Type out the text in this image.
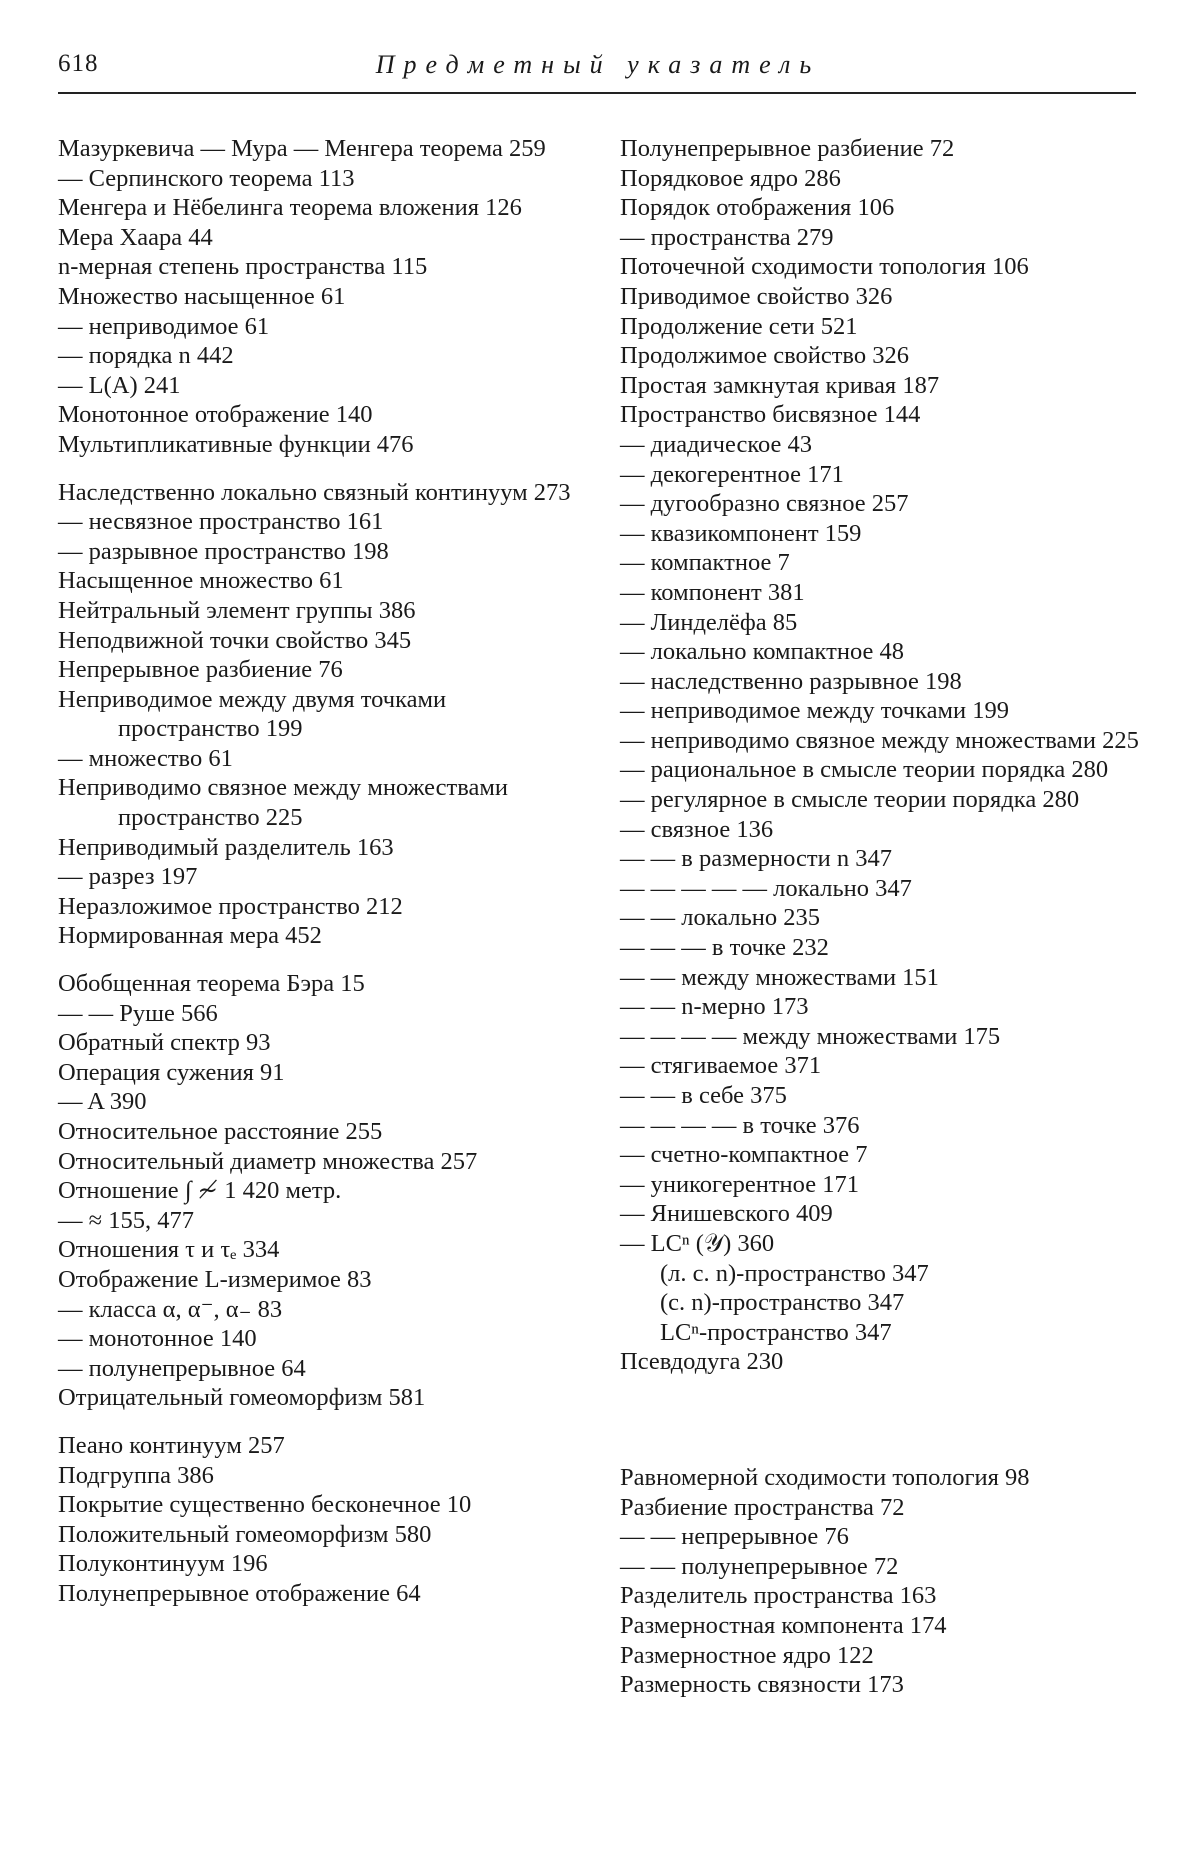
618	Предметный указатель
Мазуркевича — Мура — Менгера теорема 259
— Серпинского теорема 113
Менгера и Нёбелинга теорема вложения 126
Мера Хаара 44
n-мерная степень пространства 115
Множество насыщенное 61
— неприводимое 61
— порядка n 442
— L(A) 241
Монотонное отображение 140
Мультипликативные функции 476
Наследственно локально связный континуум 273
— несвязное пространство 161
— разрывное пространство 198
Насыщенное множество 61
Нейтральный элемент группы 386
Неподвижной точки свойство 345
Непрерывное разбиение 76
Неприводимое между двумя точками пространство 199
— множество 61
Неприводимо связное между множествами пространство 225
Неприводимый разделитель 163
— разрез 197
Неразложимое пространство 212
Нормированная мера 452
Обобщенная теорема Бэра 15
— — Руше 566
Обратный спектр 93
Операция сужения 91
— A 390
Относительное расстояние 255
Относительный диаметр множества 257
Отношение ∫ ≁ 1 420 метр.
— ≈ 155, 477
Отношения τ и τₑ 334
Отображение L-измеримое 83
— класса α, α⁻, α₋ 83
— монотонное 140
— полунепрерывное 64
Отрицательный гомеоморфизм 581
Пеано континуум 257
Подгруппа 386
Покрытие существенно бесконечное 10
Положительный гомеоморфизм 580
Полуконтинуум 196
Полунепрерывное отображение 64
Полунепрерывное разбиение 72
Порядковое ядро 286
Порядок отображения 106
— пространства 279
Поточечной сходимости топология 106
Приводимое свойство 326
Продолжение сети 521
Продолжимое свойство 326
Простая замкнутая кривая 187
Пространство бисвязное 144
— диадическое 43
— декогерентное 171
— дугообразно связное 257
— квазикомпонент 159
— компактное 7
— компонент 381
— Линделёфа 85
— локально компактное 48
— наследственно разрывное 198
— неприводимое между точками 199
— неприводимо связное между множествами 225
— рациональное в смысле теории порядка 280
— регулярное в смысле теории порядка 280
— связное 136
— — в размерности n 347
— — — — — локально 347
— — локально 235
— — — в точке 232
— — между множествами 151
— — n-мерно 173
— — — — между множествами 175
— стягиваемое 371
— — в себе 375
— — — — в точке 376
— счетно-компактное 7
— уникогерентное 171
— Янишевского 409
— LCⁿ (𝒴) 360
(л. с. n)-пространство 347
(с. n)-пространство 347
LCⁿ-пространство 347
Псевдодуга 230
Равномерной сходимости топология 98
Разбиение пространства 72
— — непрерывное 76
— — полунепрерывное 72
Разделитель пространства 163
Размерностная компонента 174
Размерностное ядро 122
Размерность связности 173
